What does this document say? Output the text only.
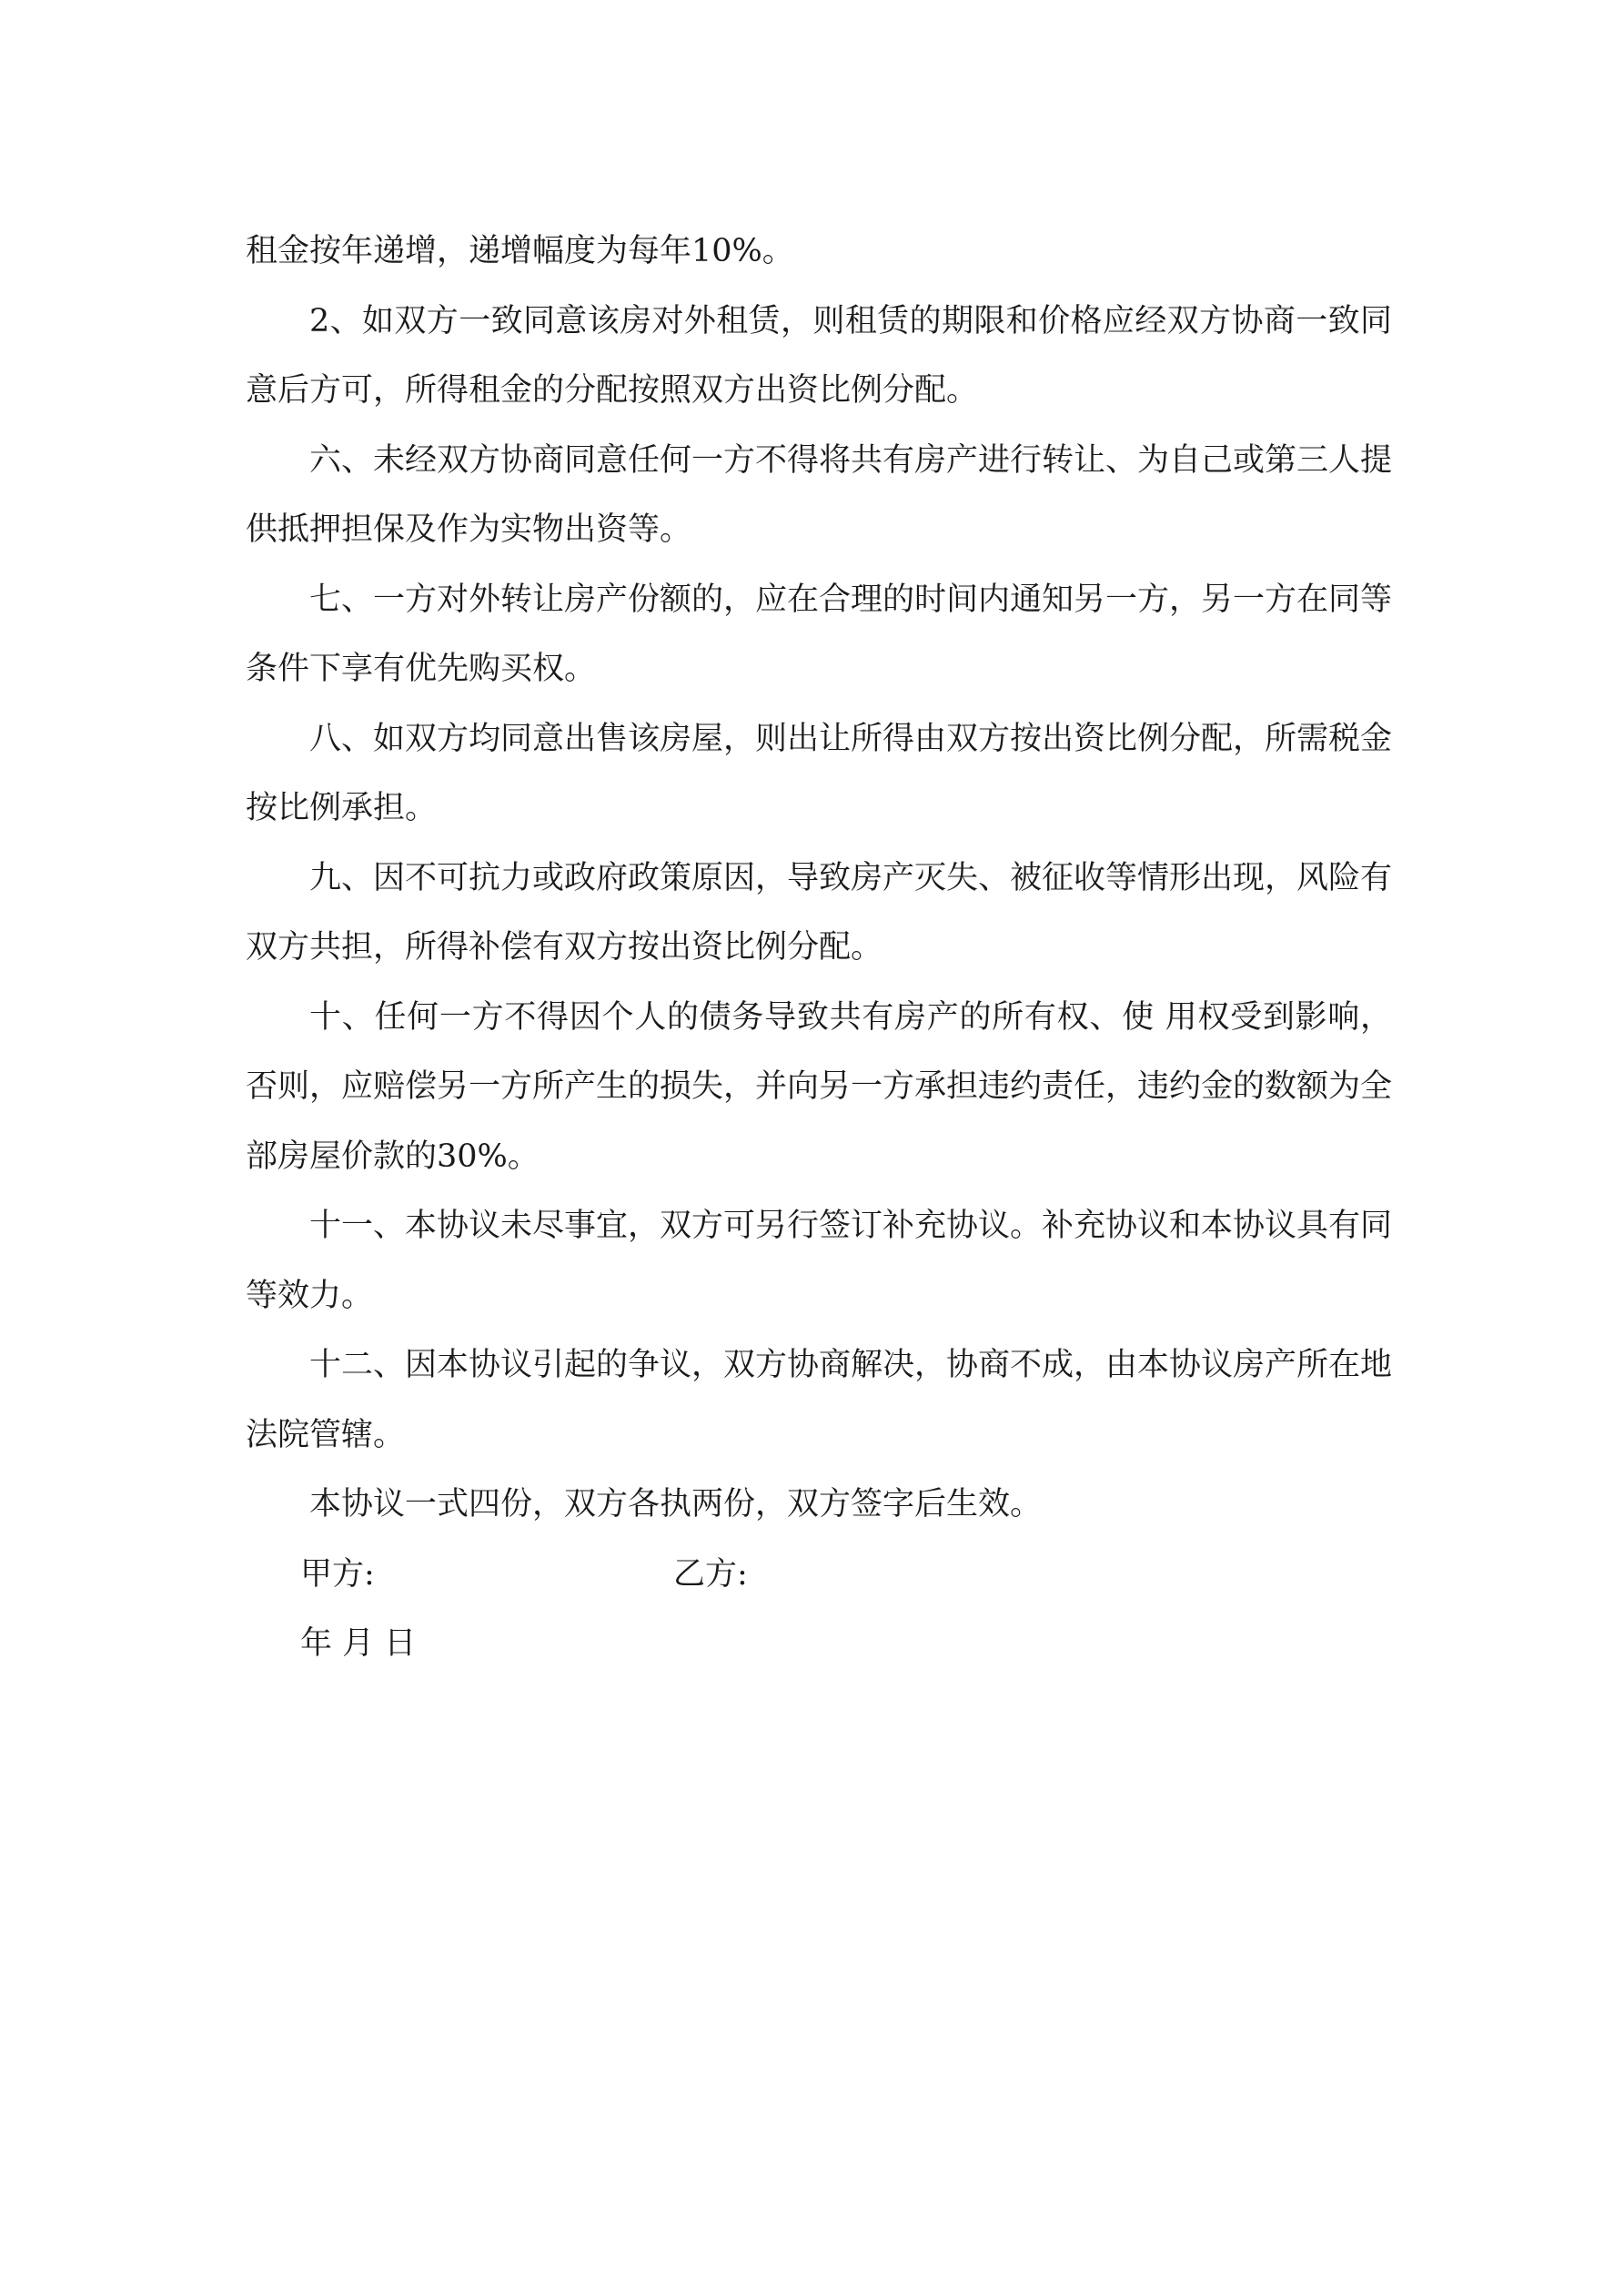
租金按年递增，递增幅度为每年10%。

2、如双方一致同意该房对外租赁，则租赁的期限和价格应经双方协商一致同意后方可，所得租金的分配按照双方出资比例分配。

六、未经双方协商同意任何一方不得将共有房产进行转让、为自己或第三人提供抵押担保及作为实物出资等。

七、一方对外转让房产份额的，应在合理的时间内通知另一方，另一方在同等条件下享有优先购买权。

八、如双方均同意出售该房屋，则出让所得由双方按出资比例分配，所需税金按比例承担。

九、因不可抗力或政府政策原因，导致房产灭失、被征收等情形出现，风险有双方共担，所得补偿有双方按出资比例分配。

十、任何一方不得因个人的债务导致共有房产的所有权、使 用权受到影响，否则，应赔偿另一方所产生的损失，并向另一方承担违约责任，违约金的数额为全部房屋价款的30%。

十一、本协议未尽事宜，双方可另行签订补充协议。补充协议和本协议具有同等效力。

十二、因本协议引起的争议，双方协商解决，协商不成，由本协议房产所在地法院管辖。

本协议一式四份，双方各执两份，双方签字后生效。

甲方:	乙方:
年 月 日
